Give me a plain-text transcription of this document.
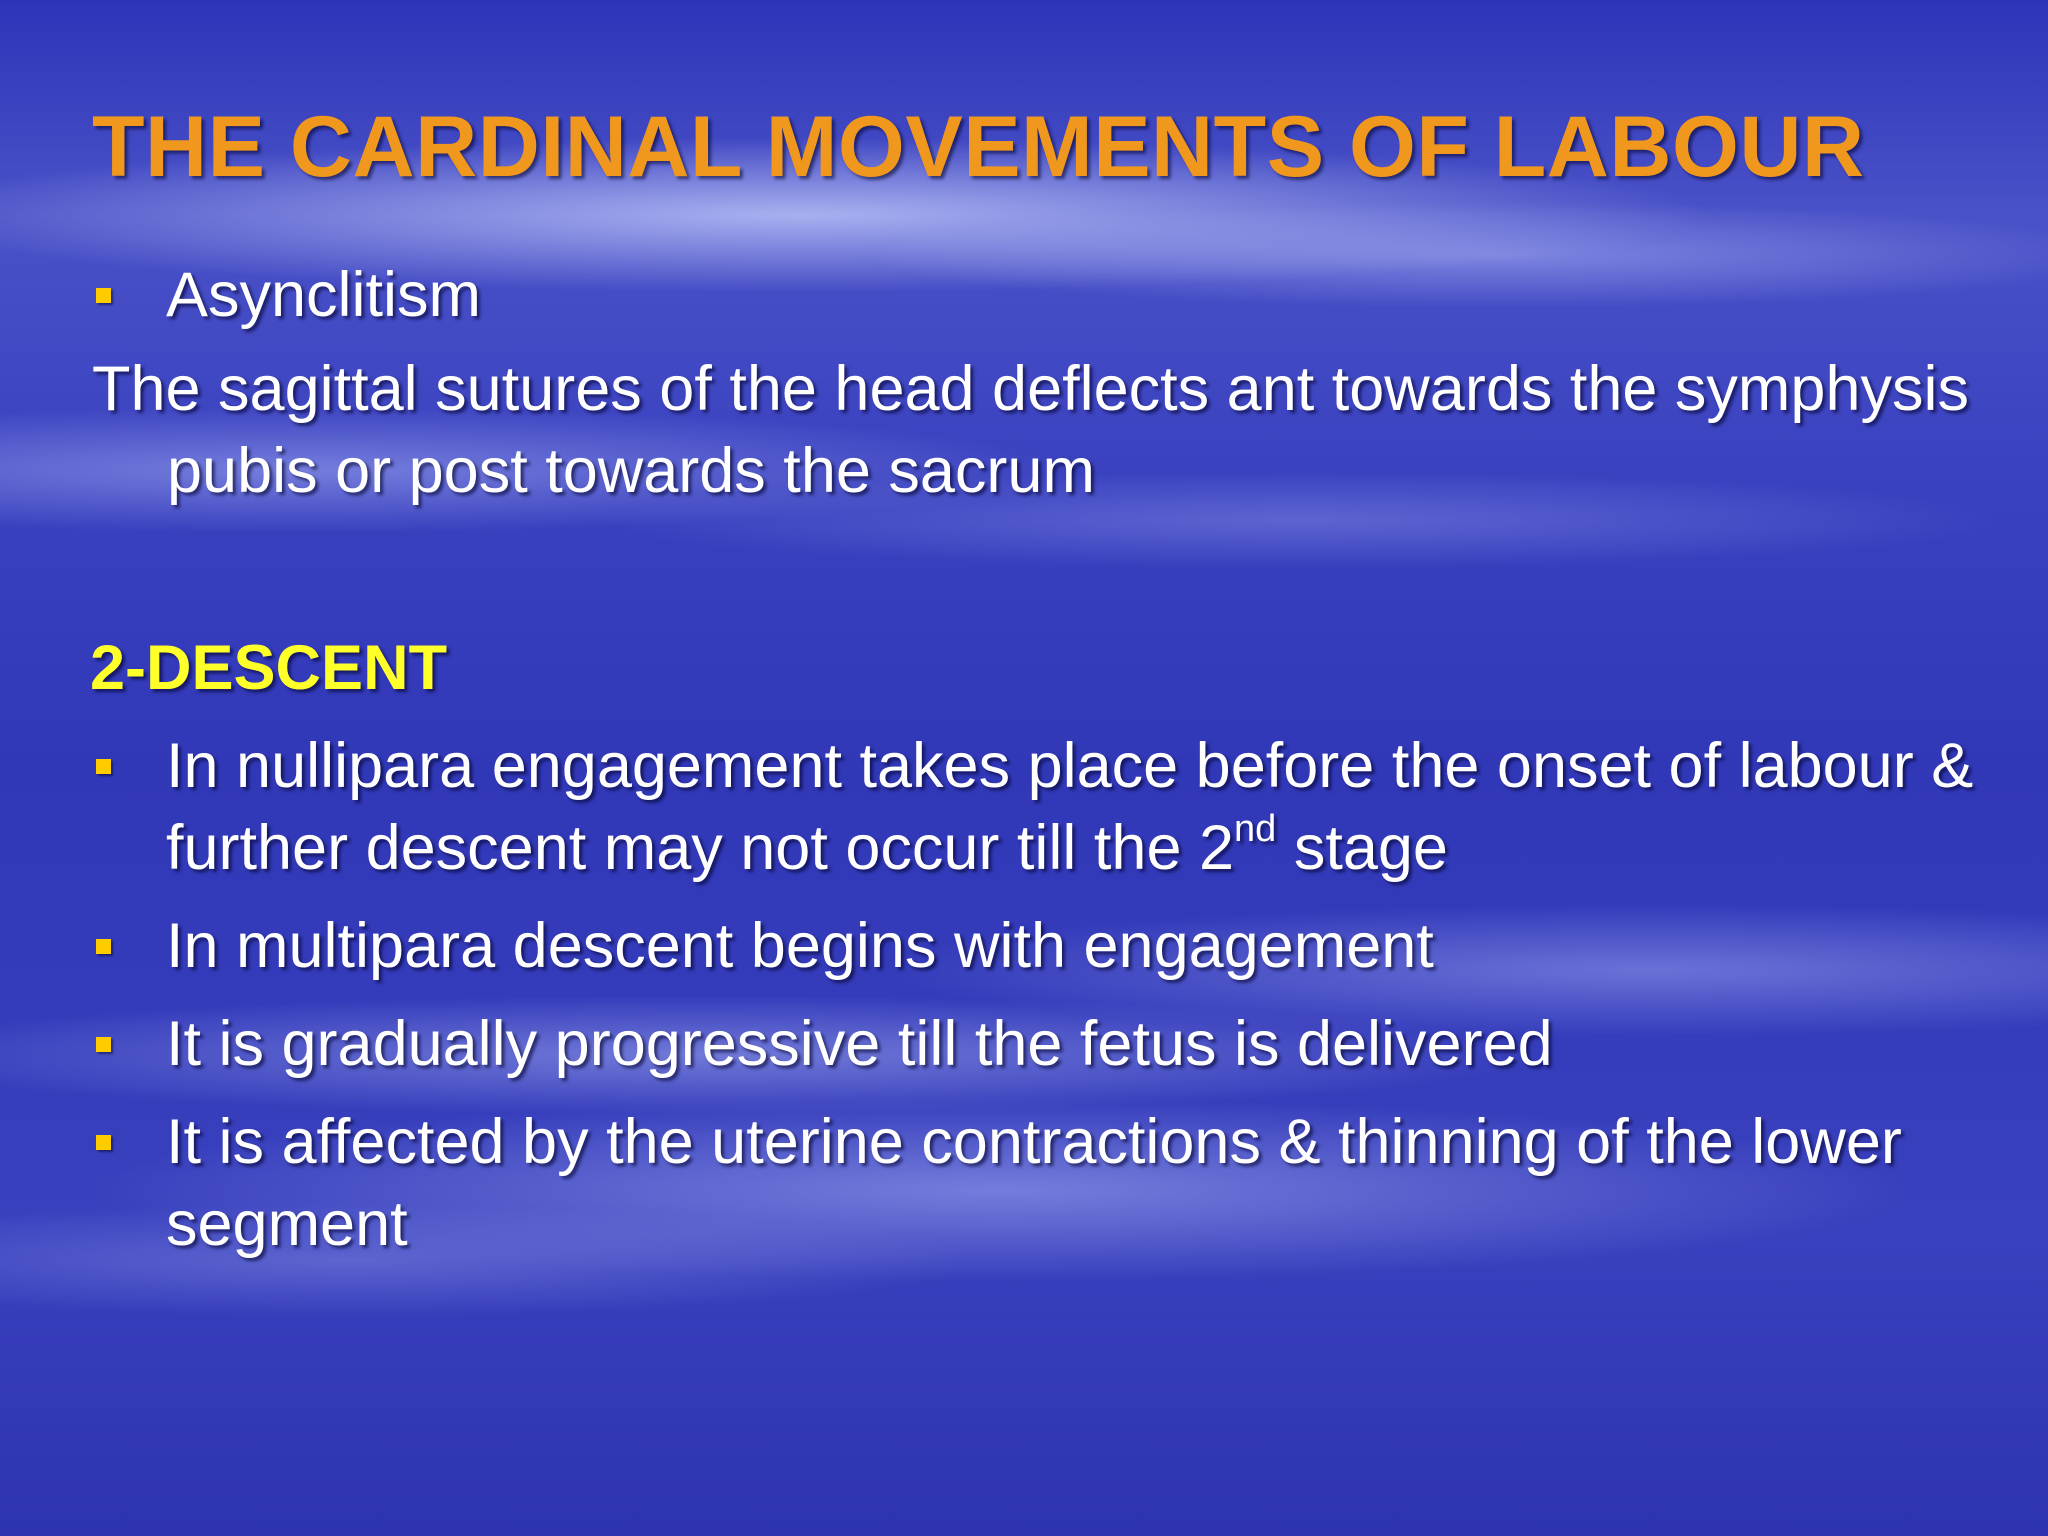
THE CARDINAL MOVEMENTS OF LABOUR
Asynclitism
The sagittal sutures of the head deflects ant towards the symphysis pubis or post towards the sacrum
2-DESCENT
In nullipara engagement takes place before the onset of labour & further descent may not occur till the 2nd stage
In multipara descent begins with engagement
It is gradually progressive till the fetus is delivered
It is affected by the uterine contractions & thinning of the lower segment
